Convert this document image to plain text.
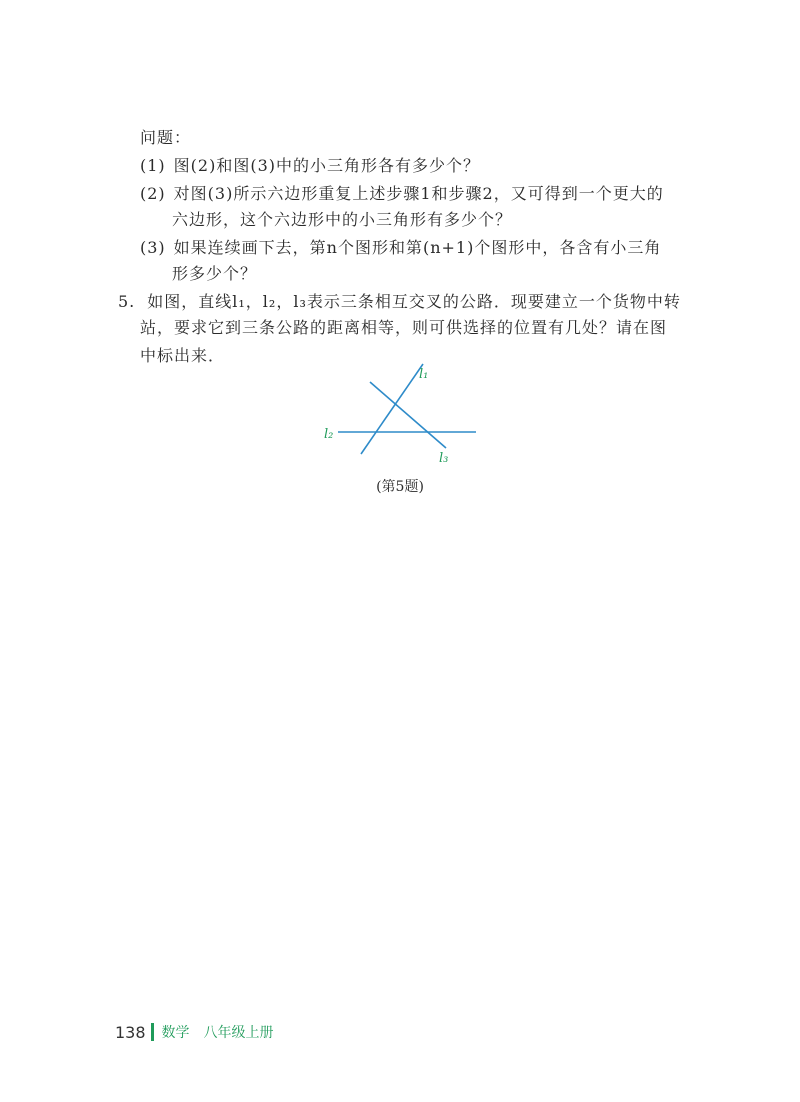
问题：
(1) 图(2)和图(3)中的小三角形各有多少个？
(2) 对图(3)所示六边形重复上述步骤1和步骤2，又可得到一个更大的
六边形，这个六边形中的小三角形有多少个？
(3) 如果连续画下去，第n个图形和第(n+1)个图形中，各含有小三角
形多少个？
5. 如图，直线l₁，l₂，l₃表示三条相互交叉的公路．现要建立一个货物中转
站，要求它到三条公路的距离相等，则可供选择的位置有几处？请在图
中标出来．
l₁
l₂
l₃
(第5题)
138 数学 八年级上册
